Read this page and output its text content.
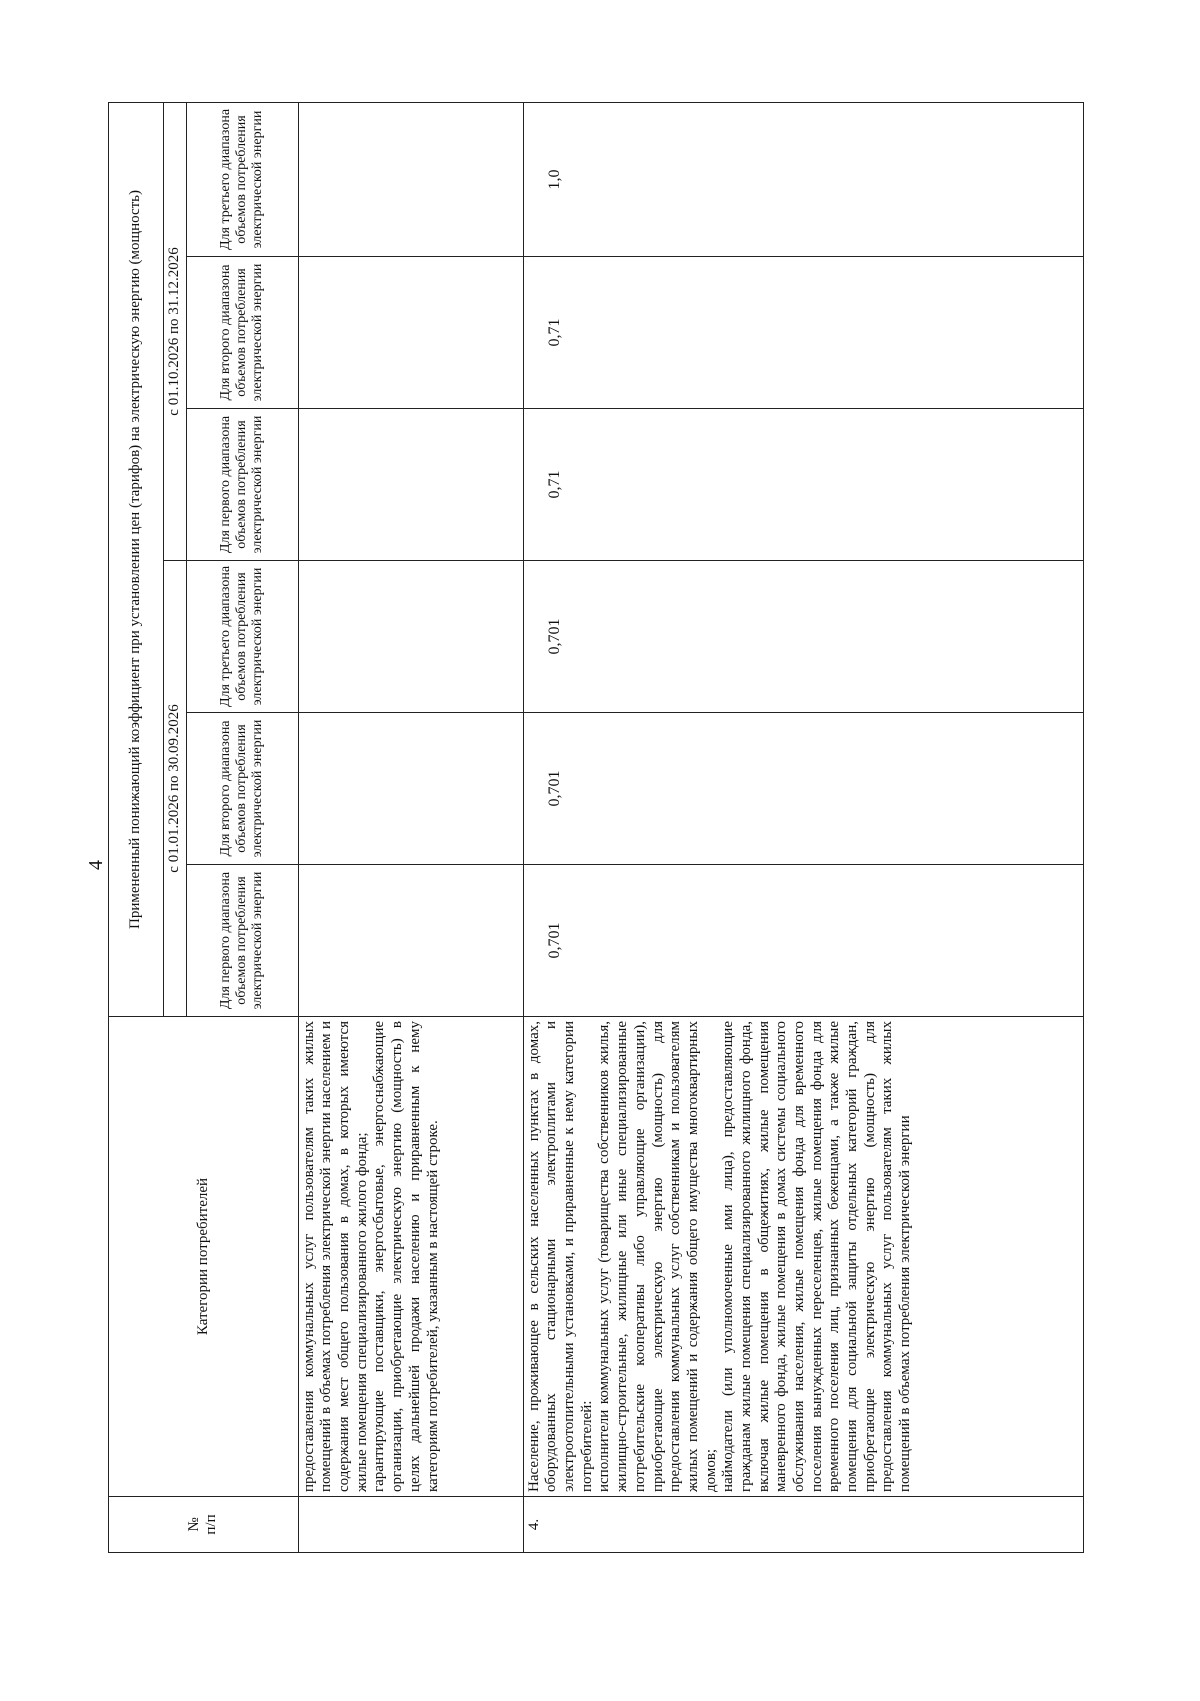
4
№
п/п	Категории потребителей	Примененный понижающий коэффициент при установлении цен (тарифов) на электрическую энергию (мощность)					
		с 01.01.2026 по 30.09.2026			с 01.10.2026 по 31.12.2026		
		Для первого диапазона объемов потребления электрической энергии	Для второго диапазона объемов потребления электрической энергии	Для третьего диапазона объемов потребления электрической энергии	Для первого диапазона объемов потребления электрической энергии	Для второго диапазона объемов потребления электрической энергии	Для третьего диапазона объемов потребления электрической энергии

	предоставления коммунальных услуг пользователям таких жилых помещений в объемах потребления электрической энергии населением и содержания мест общего пользования в домах, в которых имеются жилые помещения специализированного жилого фонда; гарантирующие поставщики, энергосбытовые, энергоснабжающие организации, приобретающие электрическую энергию (мощность) в целях дальнейшей продажи населению и приравненным к нему категориям потребителей, указанным в настоящей строке.						

4.	Население, проживающее в сельских населенных пунктах в домах, оборудованных стационарными электроплитами и электроотопительными установками, и приравненные к нему категории потребителей: исполнители коммунальных услуг (товарищества собственников жилья, жилищно-строительные, жилищные или иные специализированные потребительские кооперативы либо управляющие организации), приобретающие электрическую энергию (мощность) для предоставления коммунальных услуг собственникам и пользователям жилых помещений и содержания общего имущества многоквартирных домов; наймодатели (или уполномоченные ими лица), предоставляющие гражданам жилые помещения специализированного жилищного фонда, включая жилые помещения в общежитиях, жилые помещения маневренного фонда, жилые помещения в домах системы социального обслуживания населения, жилые помещения фонда для временного поселения вынужденных переселенцев, жилые помещения фонда для временного поселения лиц, признанных беженцами, а также жилые помещения для социальной защиты отдельных категорий граждан, приобретающие электрическую энергию (мощность) для предоставления коммунальных услуг пользователям таких жилых помещений в объемах потребления электрической энергии	0,701	0,701	0,701	0,71	0,71	1,0
